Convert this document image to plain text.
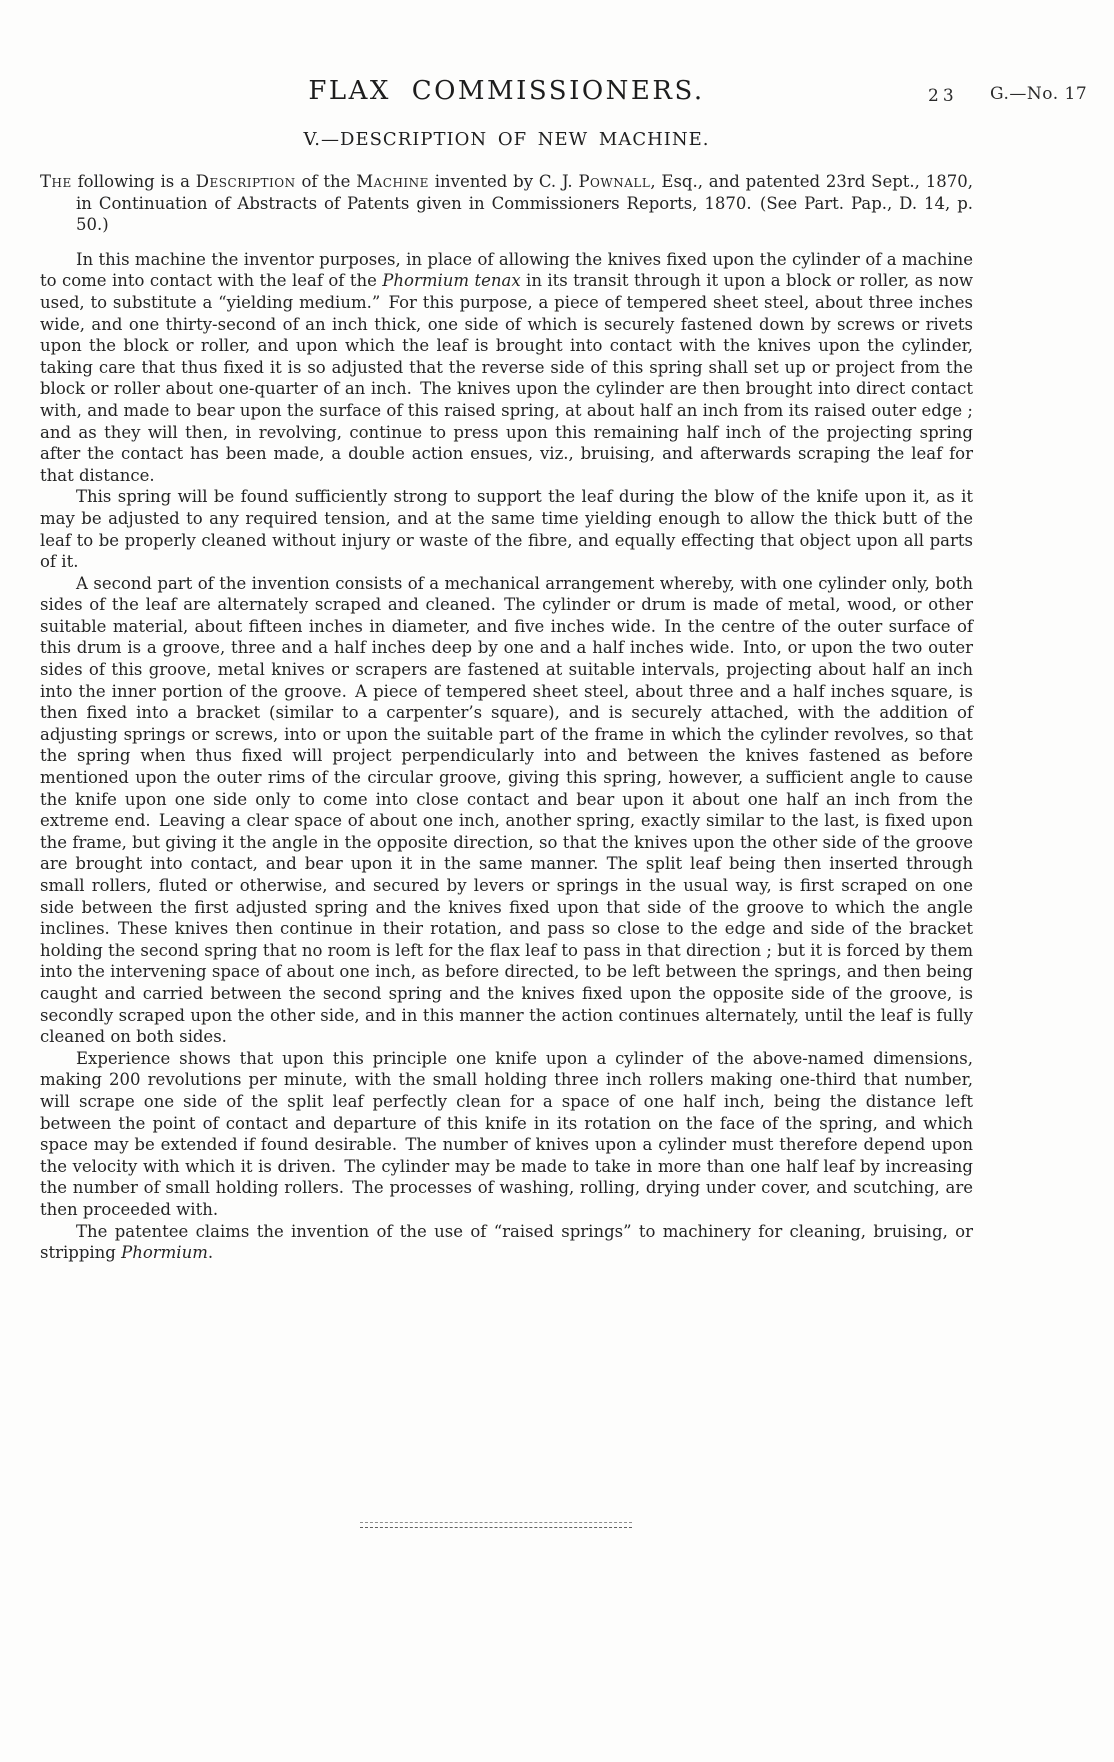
FLAX COMMISSIONERS.	23 G.—No. 17
V.—DESCRIPTION OF NEW MACHINE.

The following is a Description of the Machine invented by C. J. Pownall, Esq., and patented 23rd Sept., 1870, in Continuation of Abstracts of Patents given in Commissioners Reports, 1870. (See Part. Pap., D. 14, p. 50.)

In this machine the inventor purposes, in place of allowing the knives fixed upon the cylinder of a machine to come into contact with the leaf of the Phormium tenax in its transit through it upon a block or roller, as now used, to substitute a “yielding medium.” For this purpose, a piece of tempered sheet steel, about three inches wide, and one thirty-second of an inch thick, one side of which is securely fastened down by screws or rivets upon the block or roller, and upon which the leaf is brought into contact with the knives upon the cylinder, taking care that thus fixed it is so adjusted that the reverse side of this spring shall set up or project from the block or roller about one-quarter of an inch. The knives upon the cylinder are then brought into direct contact with, and made to bear upon the surface of this raised spring, at about half an inch from its raised outer edge ; and as they will then, in revolving, continue to press upon this remaining half inch of the projecting spring after the contact has been made, a double action ensues, viz., bruising, and afterwards scraping the leaf for that distance.

This spring will be found sufficiently strong to support the leaf during the blow of the knife upon it, as it may be adjusted to any required tension, and at the same time yielding enough to allow the thick butt of the leaf to be properly cleaned without injury or waste of the fibre, and equally effecting that object upon all parts of it.

A second part of the invention consists of a mechanical arrangement whereby, with one cylinder only, both sides of the leaf are alternately scraped and cleaned. The cylinder or drum is made of metal, wood, or other suitable material, about fifteen inches in diameter, and five inches wide. In the centre of the outer surface of this drum is a groove, three and a half inches deep by one and a half inches wide. Into, or upon the two outer sides of this groove, metal knives or scrapers are fastened at suitable intervals, projecting about half an inch into the inner portion of the groove. A piece of tempered sheet steel, about three and a half inches square, is then fixed into a bracket (similar to a carpenter’s square), and is securely attached, with the addition of adjusting springs or screws, into or upon the suitable part of the frame in which the cylinder revolves, so that the spring when thus fixed will project perpendicularly into and between the knives fastened as before mentioned upon the outer rims of the circular groove, giving this spring, however, a sufficient angle to cause the knife upon one side only to come into close contact and bear upon it about one half an inch from the extreme end. Leaving a clear space of about one inch, another spring, exactly similar to the last, is fixed upon the frame, but giving it the angle in the opposite direction, so that the knives upon the other side of the groove are brought into contact, and bear upon it in the same manner. The split leaf being then inserted through small rollers, fluted or otherwise, and secured by levers or springs in the usual way, is first scraped on one side between the first adjusted spring and the knives fixed upon that side of the groove to which the angle inclines. These knives then continue in their rotation, and pass so close to the edge and side of the bracket holding the second spring that no room is left for the flax leaf to pass in that direction ; but it is forced by them into the intervening space of about one inch, as before directed, to be left between the springs, and then being caught and carried between the second spring and the knives fixed upon the opposite side of the groove, is secondly scraped upon the other side, and in this manner the action continues alternately, until the leaf is fully cleaned on both sides.

Experience shows that upon this principle one knife upon a cylinder of the above-named dimensions, making 200 revolutions per minute, with the small holding three inch rollers making one-third that number, will scrape one side of the split leaf perfectly clean for a space of one half inch, being the distance left between the point of contact and departure of this knife in its rotation on the face of the spring, and which space may be extended if found desirable. The number of knives upon a cylinder must therefore depend upon the velocity with which it is driven. The cylinder may be made to take in more than one half leaf by increasing the number of small holding rollers. The processes of washing, rolling, drying under cover, and scutching, are then proceeded with.

The patentee claims the invention of the use of “raised springs” to machinery for cleaning, bruising, or stripping Phormium.
